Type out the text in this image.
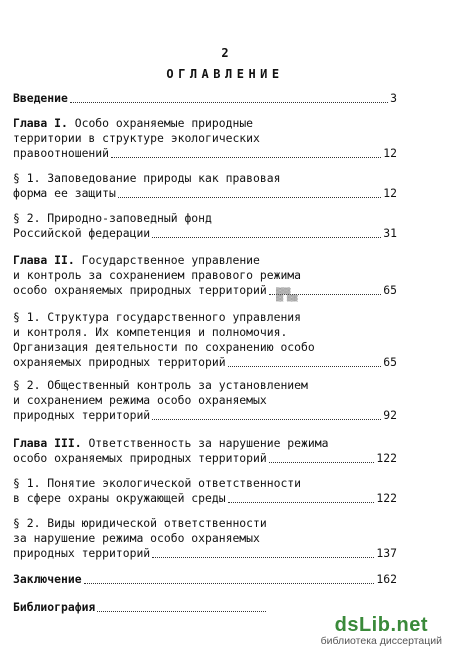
2
ОГЛАВЛЕНИЕ
Введение	3
Глава I. Особо охраняемые природные
территории в структуре экологических
правоотношений	12
§ 1. Заповедование природы как правовая
форма ее защиты	12
§ 2. Природно-заповедный фонд
Российской федерации	31
Глава II. Государственное управление
и контроль за сохранением правового режима
особо охраняемых природных территорий	65
▒▒▒▒
▒▒ ▒▒▒
§ 1. Структура государственного управления
и контроля. Их компетенция и полномочия.
Организация деятельности по сохранению особо
охраняемых природных территорий	65
§ 2. Общественный контроль за установлением
и сохранением режима особо охраняемых
природных территорий	92
Глава III. Ответственность за нарушение режима
особо охраняемых природных территорий	122
§ 1. Понятие экологической ответственности
в сфере охраны окружающей среды	122
§ 2. Виды юридической ответственности
за нарушение режима особо охраняемых
природных территорий	137
Заключение	162
Библиография
dsLib.net
библиотека диссертаций
